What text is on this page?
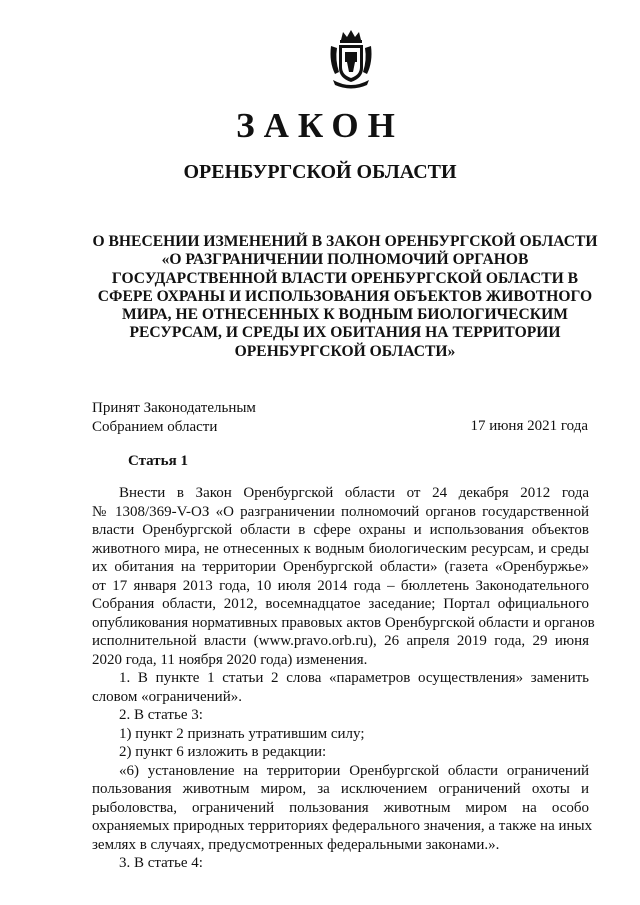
ЗАКОН
ОРЕНБУРГСКОЙ ОБЛАСТИ
О ВНЕСЕНИИ ИЗМЕНЕНИЙ В ЗАКОН ОРЕНБУРГСКОЙ ОБЛАСТИ
«О РАЗГРАНИЧЕНИИ ПОЛНОМОЧИЙ ОРГАНОВ
ГОСУДАРСТВЕННОЙ ВЛАСТИ ОРЕНБУРГСКОЙ ОБЛАСТИ В
СФЕРЕ ОХРАНЫ И ИСПОЛЬЗОВАНИЯ ОБЪЕКТОВ ЖИВОТНОГО
МИРА, НЕ ОТНЕСЕННЫХ К ВОДНЫМ БИОЛОГИЧЕСКИМ
РЕСУРСАМ, И СРЕДЫ ИХ ОБИТАНИЯ НА ТЕРРИТОРИИ
ОРЕНБУРГСКОЙ ОБЛАСТИ»
Принят Законодательным
Собранием области	17 июня 2021 года
Статья 1
Внести в Закон Оренбургской области от 24 декабря 2012 года
№ 1308/369-V-ОЗ «О разграничении полномочий органов государственной
власти Оренбургской области в сфере охраны и использования объектов
животного мира, не отнесенных к водным биологическим ресурсам, и среды
их обитания на территории Оренбургской области» (газета «Оренбуржье»
от 17 января 2013 года, 10 июля 2014 года – бюллетень Законодательного
Собрания области, 2012, восемнадцатое заседание; Портал официального
опубликования нормативных правовых актов Оренбургской области и органов
исполнительной власти (www.pravo.orb.ru), 26 апреля 2019 года, 29 июня
2020 года, 11 ноября 2020 года) изменения.
1. В пункте 1 статьи 2 слова «параметров осуществления» заменить
словом «ограничений».
2. В статье 3:
1) пункт 2 признать утратившим силу;
2) пункт 6 изложить в редакции:
«6) установление на территории Оренбургской области ограничений
пользования животным миром, за исключением ограничений охоты и
рыболовства, ограничений пользования животным миром на особо
охраняемых природных территориях федерального значения, а также на иных
землях в случаях, предусмотренных федеральными законами.».
3. В статье 4:
